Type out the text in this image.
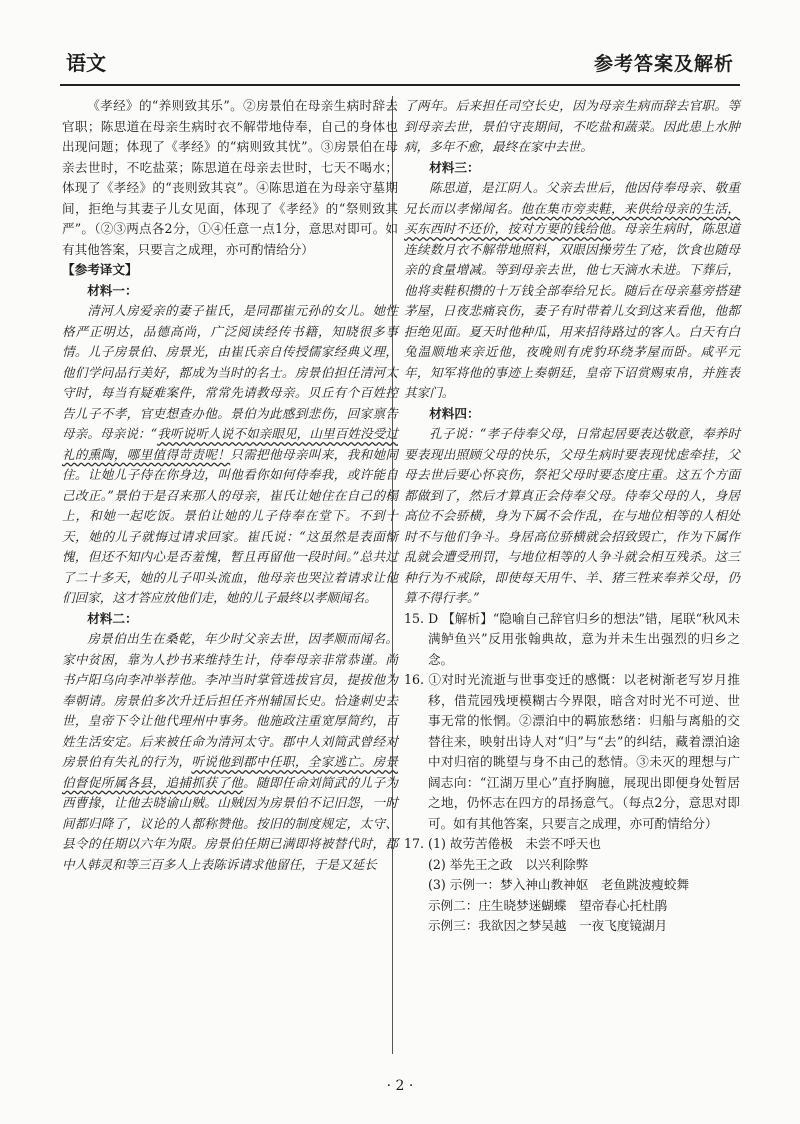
语文	参考答案及解析

《孝经》的“养则致其乐”。②房景伯在母亲生病时辞去官职；陈思道在母亲生病时衣不解带地侍奉，自己的身体也出现问题；体现了《孝经》的“病则致其忧”。③房景伯在母亲去世时，不吃盐菜；陈思道在母亲去世时，七天不喝水；体现了《孝经》的“丧则致其哀”。④陈思道在为母亲守墓期间，拒绝与其妻子儿女见面，体现了《孝经》的“祭则致其严”。（②③两点各2分，①④任意一点1分，意思对即可。如有其他答案，只要言之成理，亦可酌情给分）

【参考译文】

材料一：

清河人房爱亲的妻子崔氏，是同郡崔元孙的女儿。她性格严正明达，品德高尚，广泛阅读经传书籍，知晓很多事情。儿子房景伯、房景光，由崔氏亲自传授儒家经典义理，他们学问品行美好，都成为当时的名士。房景伯担任清河太守时，每当有疑难案件，常常先请教母亲。贝丘有个百姓控告儿子不孝，官吏想查办他。景伯为此感到悲伤，回家禀告母亲。母亲说：“我听说听人说不如亲眼见，山里百姓没受过礼的熏陶，哪里值得苛责呢！只需把他母亲叫来，我和她同住。让她儿子侍在你身边，叫他看你如何侍奉我，或许能自己改正。”景伯于是召来那人的母亲，崔氏让她住在自己的榻上，和她一起吃饭。景伯让她的儿子侍奉在堂下。不到十天，她的儿子就悔过请求回家。崔氏说：“这虽然是表面惭愧，但还不知内心是否羞愧，暂且再留他一段时间。”总共过了二十多天，她的儿子叩头流血，他母亲也哭泣着请求让他们回家，这才答应放他们走，她的儿子最终以孝顺闻名。

材料二：

房景伯出生在桑乾，年少时父亲去世，因孝顺而闻名。家中贫困，靠为人抄书来维持生计，侍奉母亲非常恭谨。尚书卢阳乌向李冲举荐他。李冲当时掌管选拔官员，提拔他为奉朝请。房景伯多次升迁后担任齐州辅国长史。恰逢刺史去世，皇帝下令让他代理州中事务。他施政注重宽厚简约，百姓生活安定。后来被任命为清河太守。郡中人刘简武曾经对房景伯有失礼的行为，听说他到郡中任职，全家逃亡。房景伯督促所属各县，追捕抓获了他。随即任命刘简武的儿子为西曹掾，让他去晓谕山贼。山贼因为房景伯不记旧怨，一时间都归降了，议论的人都称赞他。按旧的制度规定，太守、县令的任期以六年为限。房景伯任期已满即将被替代时，郡中人韩灵和等三百多人上表陈诉请求他留任，于是又延长

了两年。后来担任司空长史，因为母亲生病而辞去官职。等到母亲去世，景伯守丧期间，不吃盐和蔬菜。因此患上水肿病，多年不愈，最终在家中去世。

材料三：

陈思道，是江阴人。父亲去世后，他因侍奉母亲、敬重兄长而以孝悌闻名。他在集市旁卖鞋，来供给母亲的生活，买东西时不还价，按对方要的钱给他。母亲生病时，陈思道连续数月衣不解带地照料，双眼因操劳生了疮，饮食也随母亲的食量增减。等到母亲去世，他七天滴水未进。下葬后，他将卖鞋积攒的十万钱全部奉给兄长。随后在母亲墓旁搭建茅屋，日夜悲痛哀伤，妻子有时带着儿女到这来看他，他都拒绝见面。夏天时他种瓜，用来招待路过的客人。白天有白兔温顺地来亲近他，夜晚则有虎豹环绕茅屋而卧。咸平元年，知军将他的事迹上奏朝廷，皇帝下诏赏赐束帛，并旌表其家门。

材料四：

孔子说：“孝子侍奉父母，日常起居要表达敬意，奉养时要表现出照顾父母的快乐，父母生病时要表现忧虑牵挂，父母去世后要心怀哀伤，祭祀父母时要态度庄重。这五个方面都做到了，然后才算真正会侍奉父母。侍奉父母的人，身居高位不会骄横，身为下属不会作乱，在与地位相等的人相处时不与他们争斗。身居高位骄横就会招致毁亡，作为下属作乱就会遭受刑罚，与地位相等的人争斗就会相互残杀。这三种行为不戒除，即使每天用牛、羊、猪三牲来奉养父母，仍算不得行孝。”

15. D 【解析】“隐喻自己辞官归乡的想法”错，尾联“秋风未满鲈鱼兴”反用张翰典故，意为并未生出强烈的归乡之念。

16. ①对时光流逝与世事变迁的感慨：以老树渐老写岁月推移，借荒园残埂模糊古今界限，暗含对时光不可逆、世事无常的怅惘。②漂泊中的羁旅愁绪：归船与离船的交替往来，映射出诗人对“归”与“去”的纠结，藏着漂泊途中对归宿的眺望与身不由己的愁情。③未灭的理想与广阔志向：“江湖万里心”直抒胸臆，展现出即便身处暂居之地，仍怀志在四方的昂扬意气。（每点2分，意思对即可。如有其他答案，只要言之成理，亦可酌情给分）

17. (1) 故劳苦倦极　未尝不呼天也

(2) 举先王之政　以兴利除弊

(3) 示例一：梦入神山教神妪　老鱼跳波瘦蛟舞

示例二：庄生晓梦迷蝴蝶　望帝春心托杜鹃

示例三：我欲因之梦吴越　一夜飞度镜湖月

· 2 ·
